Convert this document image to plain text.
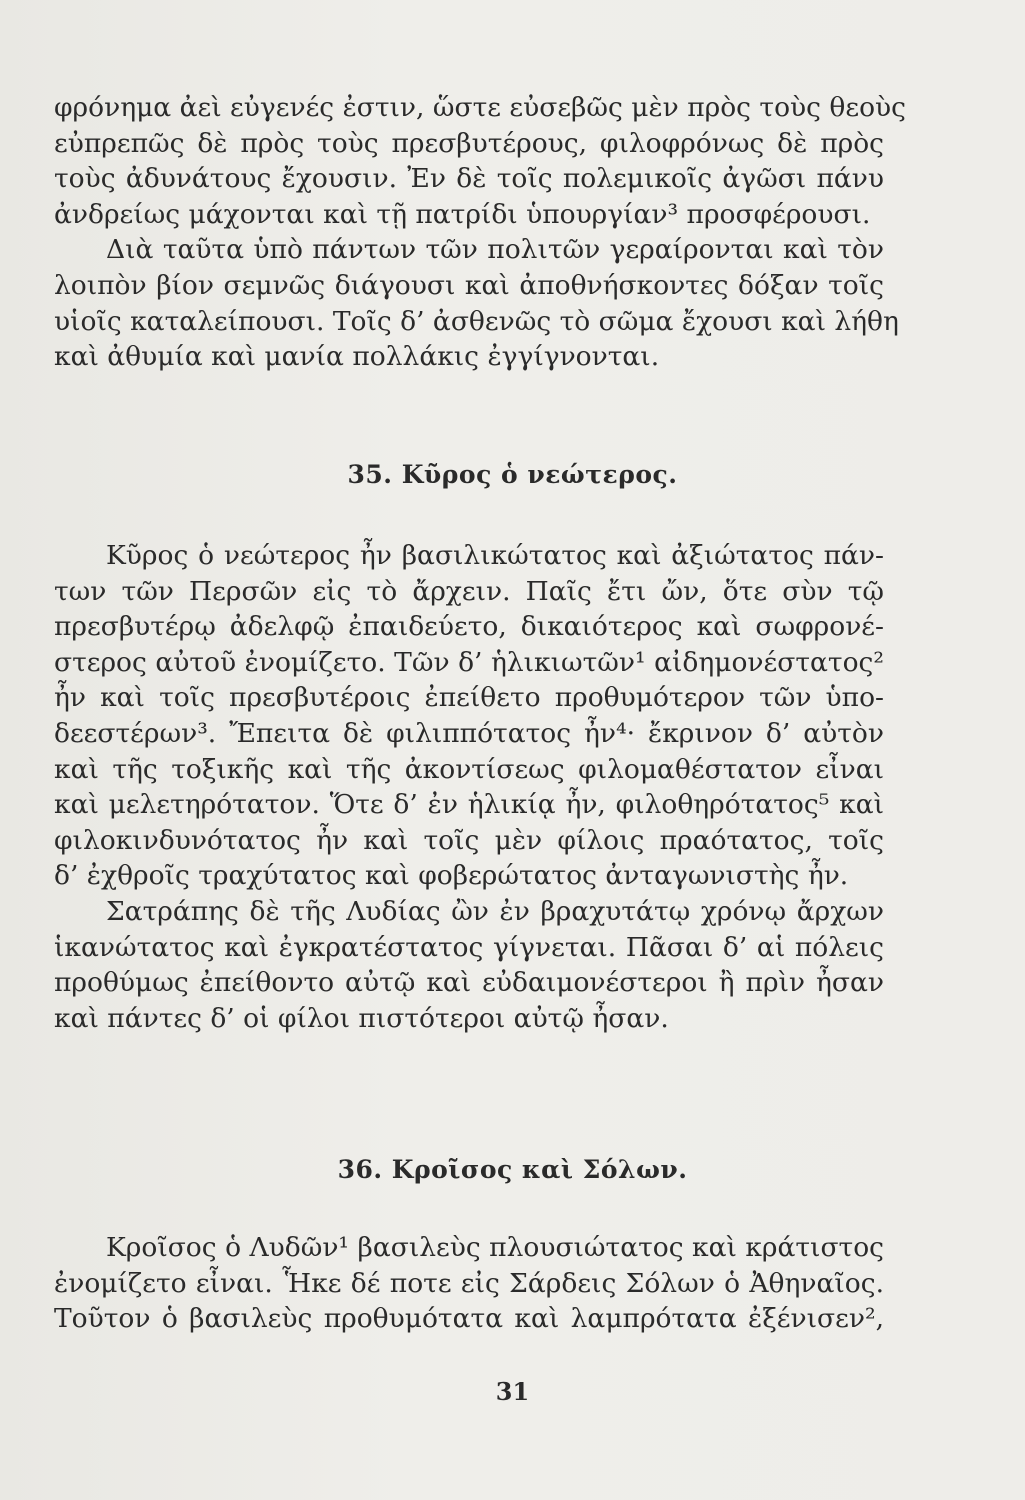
φρόνημα ἀεὶ εὐγενές ἐστιν, ὥστε εὐσεβῶς μὲν πρὸς τοὺς θεοὺς
εὐπρεπῶς δὲ πρὸς τοὺς πρεσβυτέρους, φιλοφρόνως δὲ πρὸς
τοὺς ἀδυνάτους ἔχουσιν. Ἐν δὲ τοῖς πολεμικοῖς ἀγῶσι πάνυ
ἀνδρείως μάχονται καὶ τῇ πατρίδι ὑπουργίαν³ προσφέρουσι.
Διὰ ταῦτα ὑπὸ πάντων τῶν πολιτῶν γεραίρονται καὶ τὸν
λοιπὸν βίον σεμνῶς διάγουσι καὶ ἀποθνήσκοντες δόξαν τοῖς
υἱοῖς καταλείπουσι. Τοῖς δ’ ἀσθενῶς τὸ σῶμα ἔχουσι καὶ λήθη
καὶ ἀθυμία καὶ μανία πολλάκις ἐγγίγνονται.
35. Κῦρος ὁ νεώτερος.
Κῦρος ὁ νεώτερος ἦν βασιλικώτατος καὶ ἀξιώτατος πάν-
των τῶν Περσῶν εἰς τὸ ἄρχειν. Παῖς ἔτι ὤν, ὅτε σὺν τῷ
πρεσβυτέρῳ ἀδελφῷ ἐπαιδεύετο, δικαιότερος καὶ σωφρονέ-
στερος αὐτοῦ ἐνομίζετο. Τῶν δ’ ἡλικιωτῶν¹ αἰδημονέστατος²
ἦν καὶ τοῖς πρεσβυτέροις ἐπείθετο προθυμότερον τῶν ὑπο-
δεεστέρων³. Ἔπειτα δὲ φιλιππότατος ἦν⁴· ἔκρινον δ’ αὐτὸν
καὶ τῆς τοξικῆς καὶ τῆς ἀκοντίσεως φιλομαθέστατον εἶναι
καὶ μελετηρότατον. Ὅτε δ’ ἐν ἡλικίᾳ ἦν, φιλοθηρότατος⁵ καὶ
φιλοκινδυνότατος ἦν καὶ τοῖς μὲν φίλοις πραότατος, τοῖς
δ’ ἐχθροῖς τραχύτατος καὶ φοβερώτατος ἀνταγωνιστὴς ἦν.
Σατράπης δὲ τῆς Λυδίας ὢν ἐν βραχυτάτῳ χρόνῳ ἄρχων
ἱκανώτατος καὶ ἐγκρατέστατος γίγνεται. Πᾶσαι δ’ αἱ πόλεις
προθύμως ἐπείθοντο αὐτῷ καὶ εὐδαιμονέστεροι ἢ πρὶν ἦσαν
καὶ πάντες δ’ οἱ φίλοι πιστότεροι αὐτῷ ἦσαν.
36. Κροῖσος καὶ Σόλων.
Κροῖσος ὁ Λυδῶν¹ βασιλεὺς πλουσιώτατος καὶ κράτιστος
ἐνομίζετο εἶναι. Ἧκε δέ ποτε εἰς Σάρδεις Σόλων ὁ Ἀθηναῖος.
Τοῦτον ὁ βασιλεὺς προθυμότατα καὶ λαμπρότατα ἐξένισεν²,
31
